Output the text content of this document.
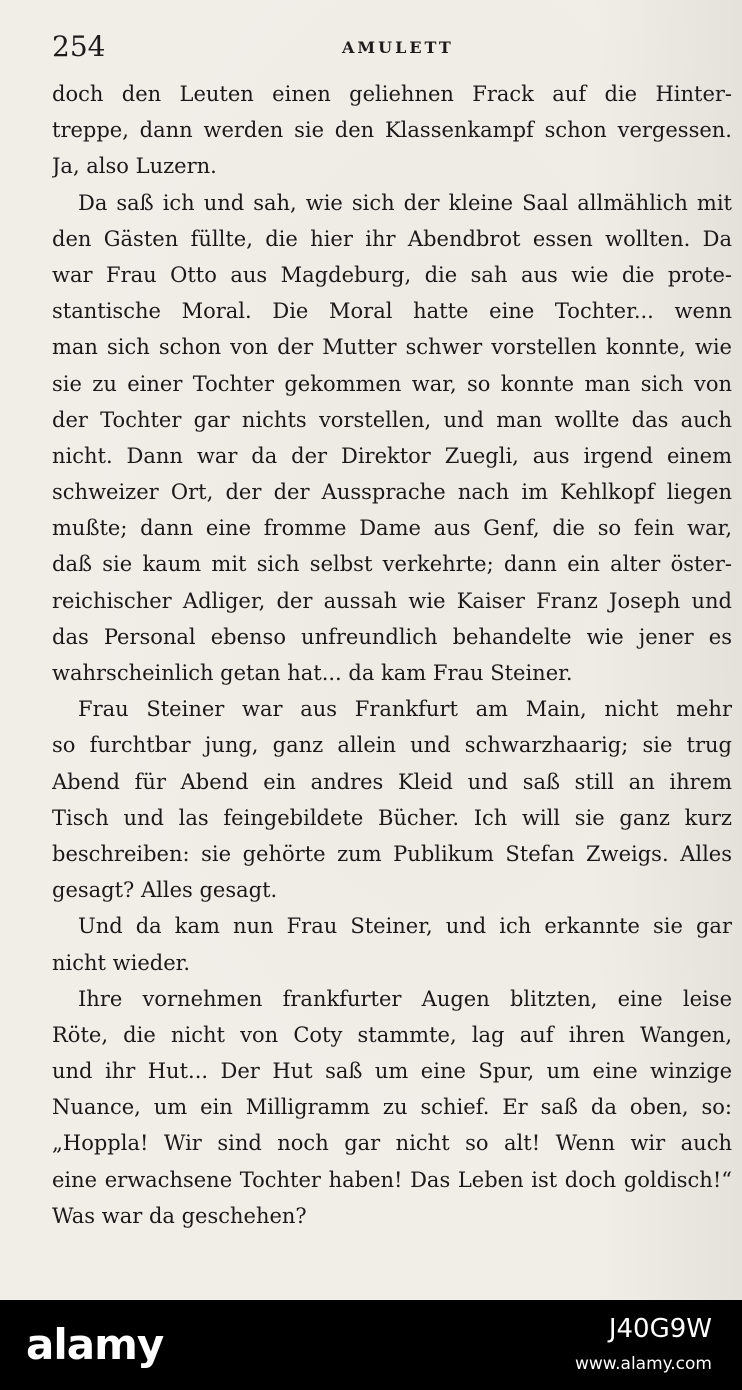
254	AMULETT
doch den Leuten einen geliehnen Frack auf die Hinter-
treppe, dann werden sie den Klassenkampf schon vergessen.
Ja, also Luzern.
Da saß ich und sah, wie sich der kleine Saal allmählich mit
den Gästen füllte, die hier ihr Abendbrot essen wollten. Da
war Frau Otto aus Magdeburg, die sah aus wie die prote-
stantische Moral. Die Moral hatte eine Tochter... wenn
man sich schon von der Mutter schwer vorstellen konnte, wie
sie zu einer Tochter gekommen war, so konnte man sich von
der Tochter gar nichts vorstellen, und man wollte das auch
nicht. Dann war da der Direktor Zuegli, aus irgend einem
schweizer Ort, der der Aussprache nach im Kehlkopf liegen
mußte; dann eine fromme Dame aus Genf, die so fein war,
daß sie kaum mit sich selbst verkehrte; dann ein alter öster-
reichischer Adliger, der aussah wie Kaiser Franz Joseph und
das Personal ebenso unfreundlich behandelte wie jener es
wahrscheinlich getan hat... da kam Frau Steiner.
Frau Steiner war aus Frankfurt am Main, nicht mehr
so furchtbar jung, ganz allein und schwarzhaarig; sie trug
Abend für Abend ein andres Kleid und saß still an ihrem
Tisch und las feingebildete Bücher. Ich will sie ganz kurz
beschreiben: sie gehörte zum Publikum Stefan Zweigs. Alles
gesagt? Alles gesagt.
Und da kam nun Frau Steiner, und ich erkannte sie gar
nicht wieder.
Ihre vornehmen frankfurter Augen blitzten, eine leise
Röte, die nicht von Coty stammte, lag auf ihren Wangen,
und ihr Hut... Der Hut saß um eine Spur, um eine winzige
Nuance, um ein Milligramm zu schief. Er saß da oben, so:
„Hoppla! Wir sind noch gar nicht so alt! Wenn wir auch
eine erwachsene Tochter haben! Das Leben ist doch goldisch!“
Was war da geschehen?
alamy	J40G9W
www.alamy.com
